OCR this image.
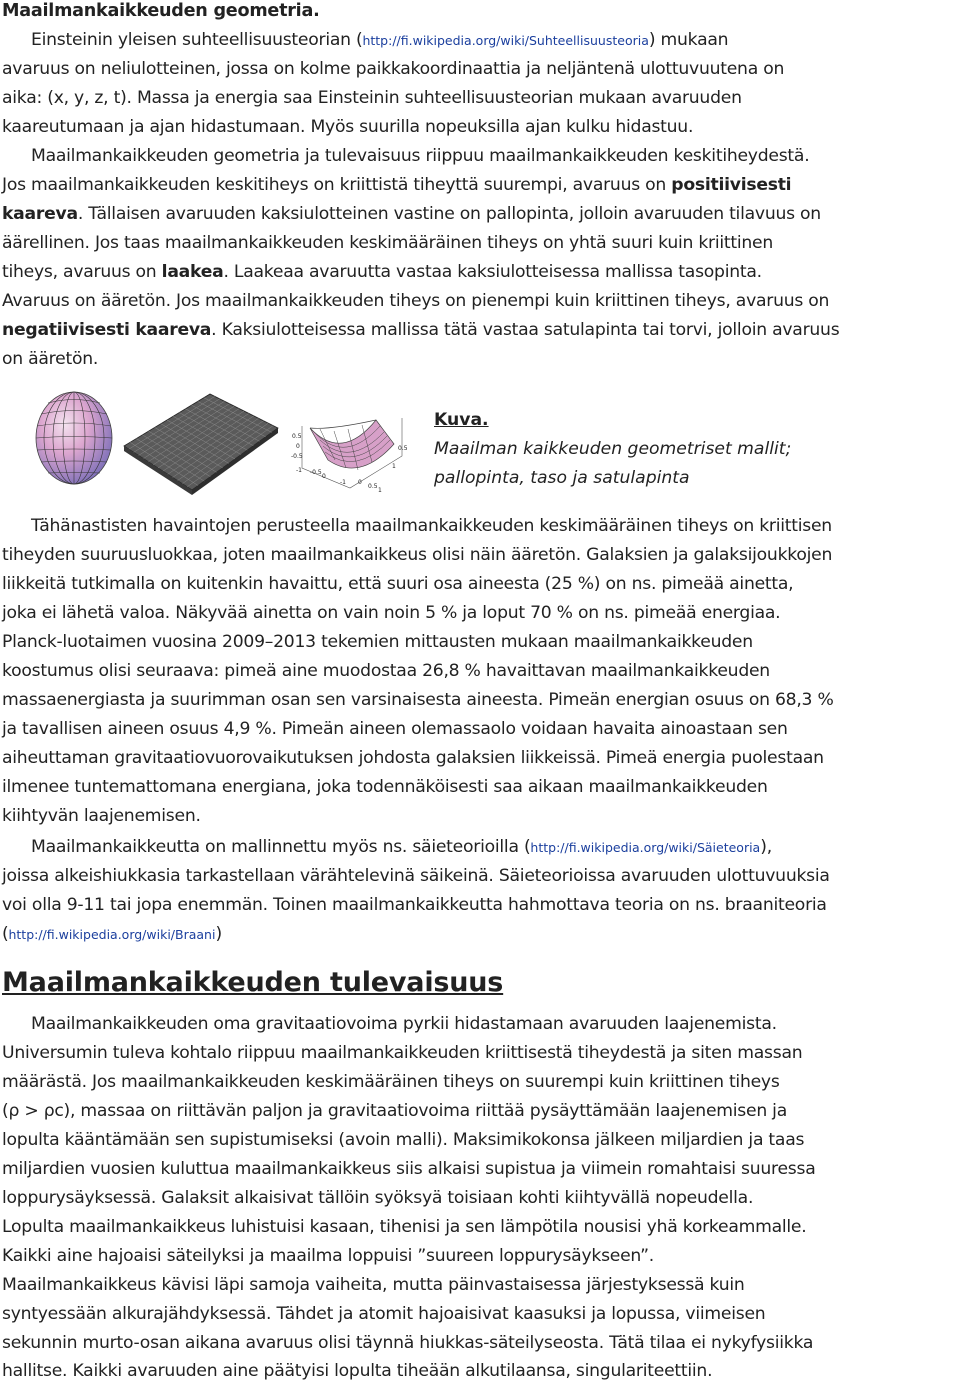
Maailmankaikkeuden geometria.
Einsteinin yleisen suhteellisuusteorian (http://fi.wikipedia.org/wiki/Suhteellisuusteoria) mukaan
avaruus on neliulotteinen, jossa on kolme paikkakoordinaattia ja neljäntenä ulottuvuutena on
aika: (x, y, z, t). Massa ja energia saa Einsteinin suhteellisuusteorian mukaan avaruuden
kaareutumaan ja ajan hidastumaan. Myös suurilla nopeuksilla ajan kulku hidastuu.
Maailmankaikkeuden geometria ja tulevaisuus riippuu maailmankaikkeuden keskitiheydestä.
Jos maailmankaikkeuden keskitiheys on kriittistä tiheyttä suurempi, avaruus on positiivisesti
kaareva. Tällaisen avaruuden kaksiulotteinen vastine on pallopinta, jolloin avaruuden tilavuus on
äärellinen. Jos taas maailmankaikkeuden keskimääräinen tiheys on yhtä suuri kuin kriittinen
tiheys, avaruus on laakea. Laakeaa avaruutta vastaa kaksiulotteisessa mallissa tasopinta.
Avaruus on ääretön. Jos maailmankaikkeuden tiheys on pienempi kuin kriittinen tiheys, avaruus on
negatiivisesti kaareva. Kaksiulotteisessa mallissa tätä vastaa satulapinta tai torvi, jolloin avaruus
on ääretön.
0.5
0
-0.5
-1
0.5
1
0
-0.5
0
0.5
1
-1
Kuva.
Maailman kaikkeuden geometriset mallit;
pallopinta, taso ja satulapinta
Tähänastisten havaintojen perusteella maailmankaikkeuden keskimääräinen tiheys on kriittisen
tiheyden suuruusluokkaa, joten maailmankaikkeus olisi näin ääretön. Galaksien ja galaksijoukkojen
liikkeitä tutkimalla on kuitenkin havaittu, että suuri osa aineesta (25 %) on ns. pimeää ainetta,
joka ei lähetä valoa. Näkyvää ainetta on vain noin 5 % ja loput 70 % on ns. pimeää energiaa.
Planck-luotaimen vuosina 2009–2013 tekemien mittausten mukaan maailmankaikkeuden
koostumus olisi seuraava: pimeä aine muodostaa 26,8 % havaittavan maailmankaikkeuden
massaenergiasta ja suurimman osan sen varsinaisesta aineesta. Pimeän energian osuus on 68,3 %
ja tavallisen aineen osuus 4,9 %. Pimeän aineen olemassaolo voidaan havaita ainoastaan sen
aiheuttaman gravitaatiovuorovaikutuksen johdosta galaksien liikkeissä. Pimeä energia puolestaan
ilmenee tuntemattomana energiana, joka todennäköisesti saa aikaan maailmankaikkeuden
kiihtyvän laajenemisen.
Maailmankaikkeutta on mallinnettu myös ns. säieteorioilla (http://fi.wikipedia.org/wiki/Säieteoria),
joissa alkeishiukkasia tarkastellaan värähtelevinä säikeinä. Säieteorioissa avaruuden ulottuvuuksia
voi olla 9-11 tai jopa enemmän. Toinen maailmankaikkeutta hahmottava teoria on ns. braaniteoria
(http://fi.wikipedia.org/wiki/Braani)
Maailmankaikkeuden tulevaisuus
Maailmankaikkeuden oma gravitaatiovoima pyrkii hidastamaan avaruuden laajenemista.
Universumin tuleva kohtalo riippuu maailmankaikkeuden kriittisestä tiheydestä ja siten massan
määrästä. Jos maailmankaikkeuden keskimääräinen tiheys on suurempi kuin kriittinen tiheys
(ρ > ρᴄ), massaa on riittävän paljon ja gravitaatiovoima riittää pysäyttämään laajenemisen ja
lopulta kääntämään sen supistumiseksi (avoin malli). Maksimikokonsa jälkeen miljardien ja taas
miljardien vuosien kuluttua maailmankaikkeus siis alkaisi supistua ja viimein romahtaisi suuressa
loppurysäyksessä. Galaksit alkaisivat tällöin syöksyä toisiaan kohti kiihtyvällä nopeudella.
Lopulta maailmankaikkeus luhistuisi kasaan, tihenisi ja sen lämpötila nousisi yhä korkeammalle.
Kaikki aine hajoaisi säteilyksi ja maailma loppuisi ”suureen loppurysäykseen”.
Maailmankaikkeus kävisi läpi samoja vaiheita, mutta päinvastaisessa järjestyksessä kuin
syntyessään alkurajähdyksessä. Tähdet ja atomit hajoaisivat kaasuksi ja lopussa, viimeisen
sekunnin murto-osan aikana avaruus olisi täynnä hiukkas-säteilyseosta. Tätä tilaa ei nykyfysiikka
hallitse. Kaikki avaruuden aine päätyisi lopulta tiheään alkutilaansa, singulariteettiin.
